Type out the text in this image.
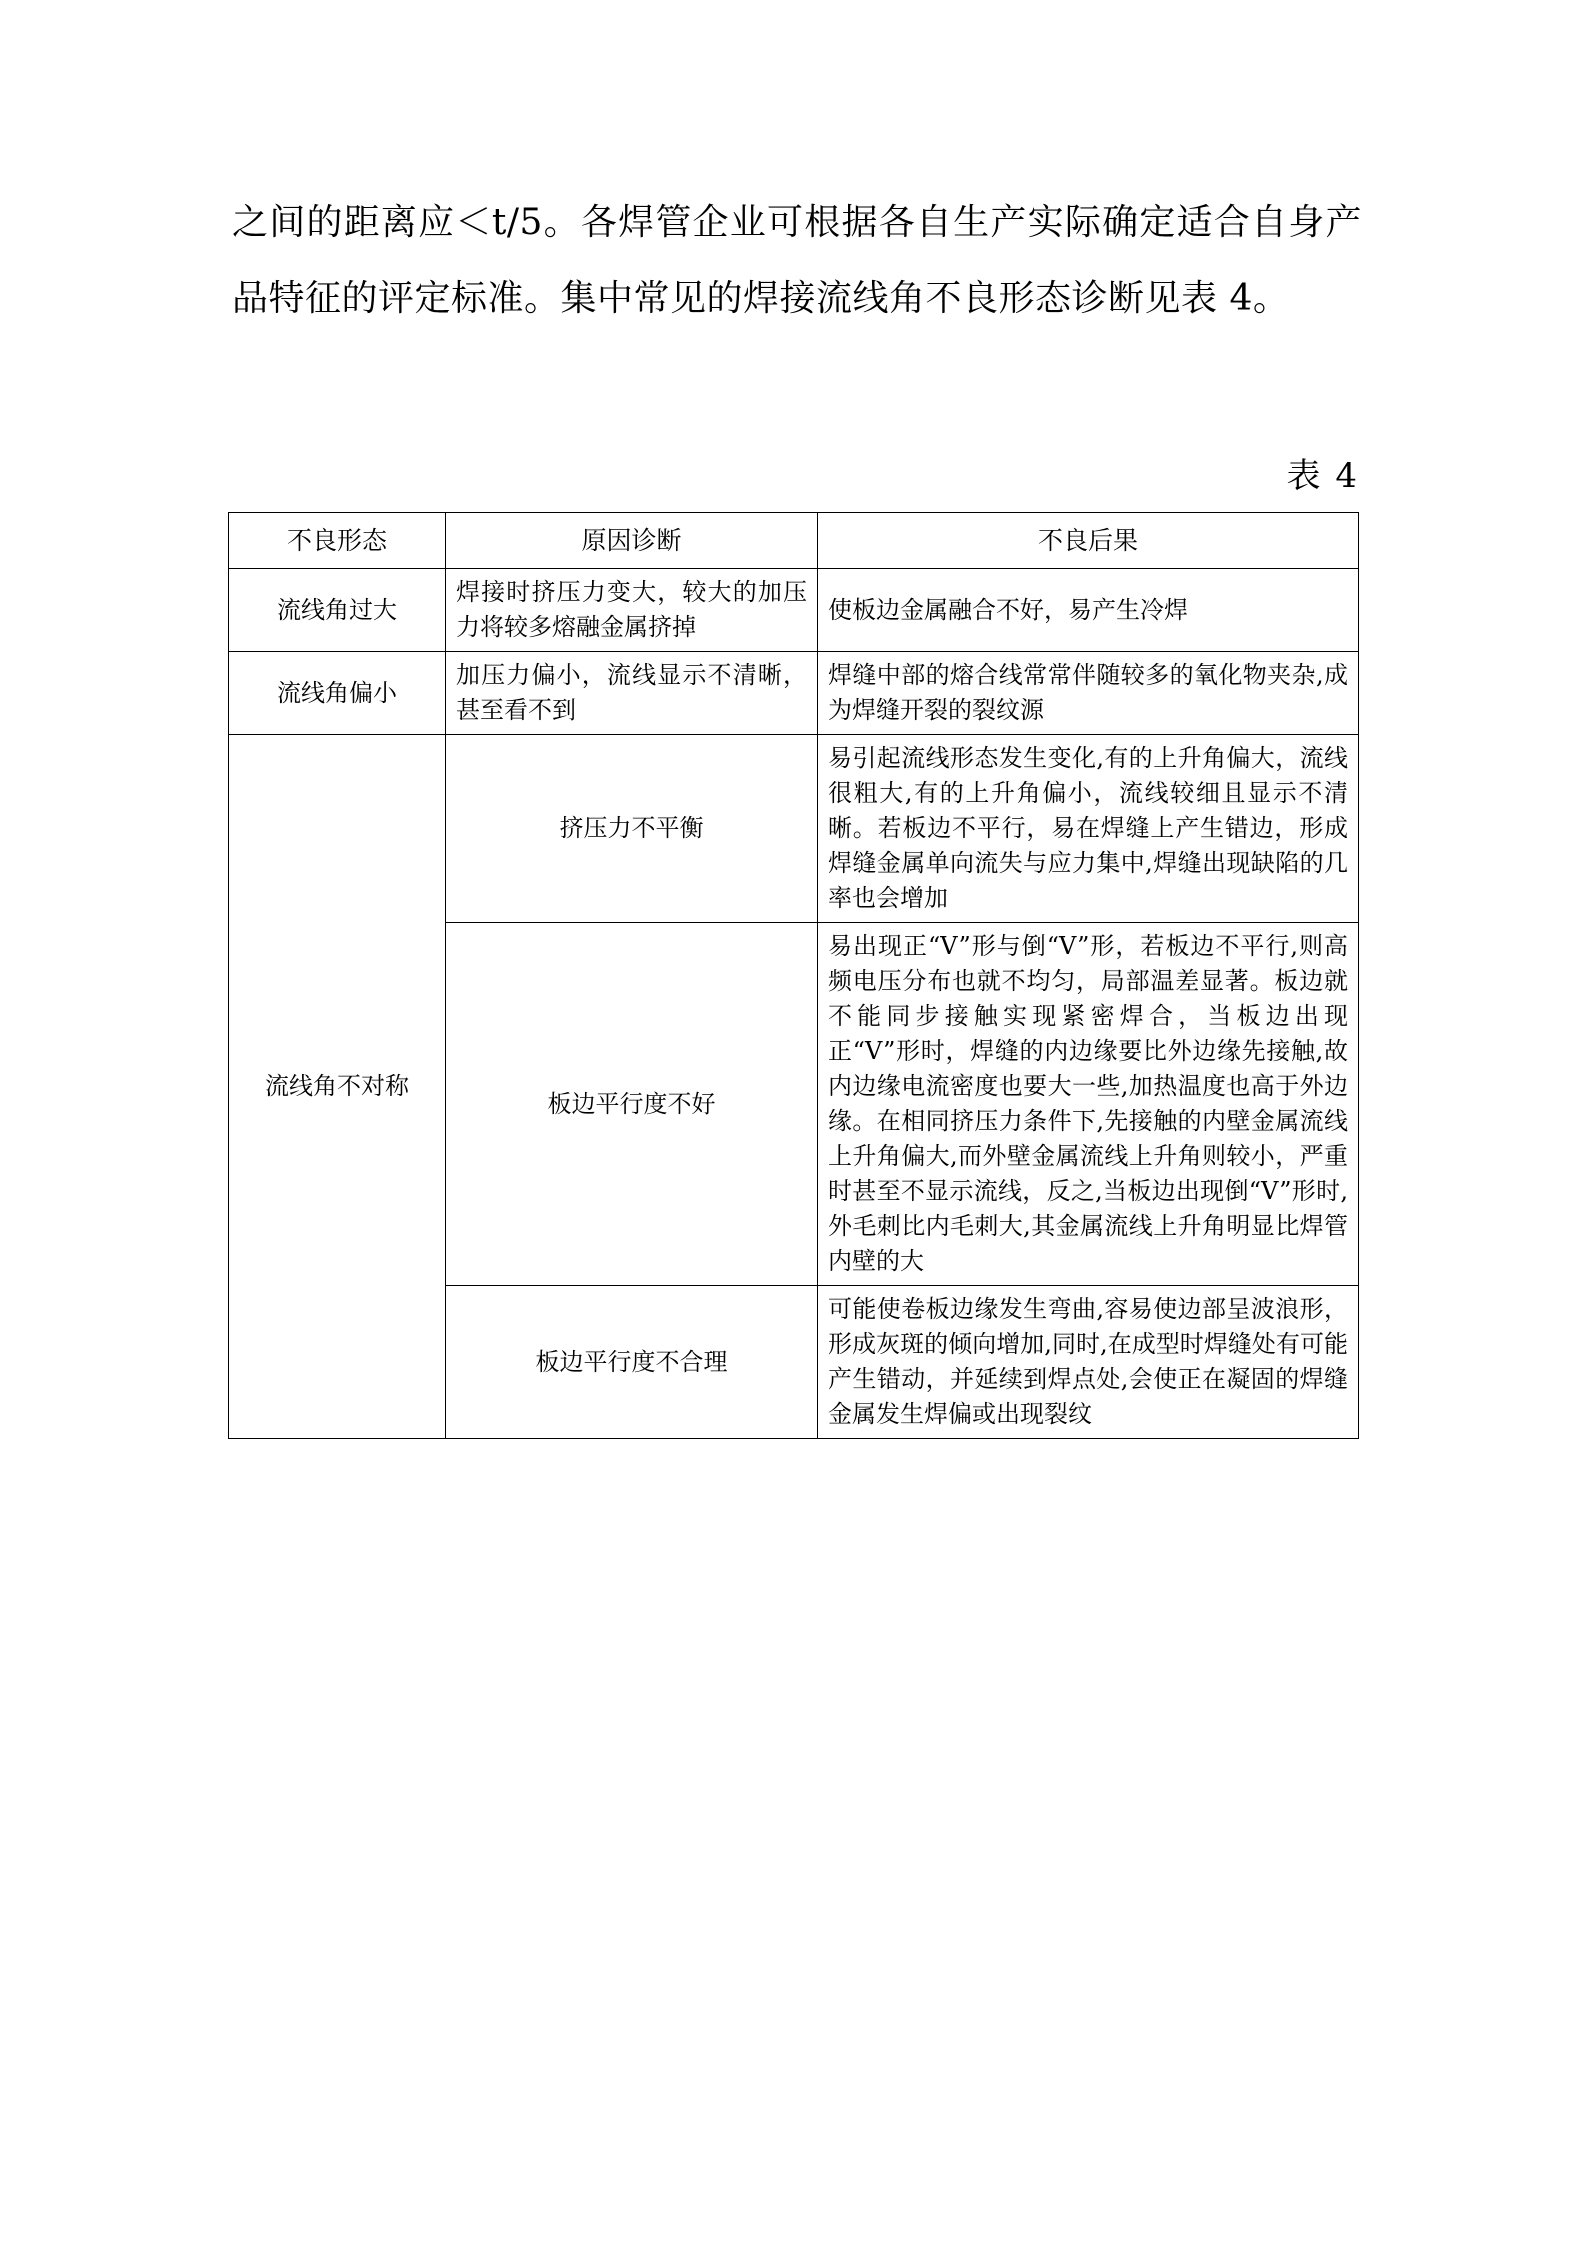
之间的距离应＜t/5。各焊管企业可根据各自生产实际确定适合自身产品特征的评定标准。集中常见的焊接流线角不良形态诊断见表 4。

表 4
不良形态	原因诊断	不良后果
流线角过大	焊接时挤压力变大，较大的加压力将较多熔融金属挤掉	使板边金属融合不好，易产生冷焊
流线角偏小	加压力偏小，流线显示不清晰，甚至看不到	焊缝中部的熔合线常常伴随较多的氧化物夹杂,成为焊缝开裂的裂纹源
流线角不对称	挤压力不平衡	易引起流线形态发生变化,有的上升角偏大，流线很粗大,有的上升角偏小，流线较细且显示不清晰。若板边不平行，易在焊缝上产生错边，形成焊缝金属单向流失与应力集中,焊缝出现缺陷的几率也会增加
	板边平行度不好	易出现正“V”形与倒“V”形，若板边不平行,则高频电压分布也就不均匀，局部温差显著。板边就不能同步接触实现紧密焊合，当板边出现正“V”形时，焊缝的内边缘要比外边缘先接触,故内边缘电流密度也要大一些,加热温度也高于外边缘。在相同挤压力条件下,先接触的内壁金属流线上升角偏大,而外壁金属流线上升角则较小，严重时甚至不显示流线，反之,当板边出现倒“V”形时,外毛刺比内毛刺大,其金属流线上升角明显比焊管内壁的大
	板边平行度不合理	可能使卷板边缘发生弯曲,容易使边部呈波浪形，形成灰斑的倾向增加,同时,在成型时焊缝处有可能产生错动，并延续到焊点处,会使正在凝固的焊缝金属发生焊偏或出现裂纹
